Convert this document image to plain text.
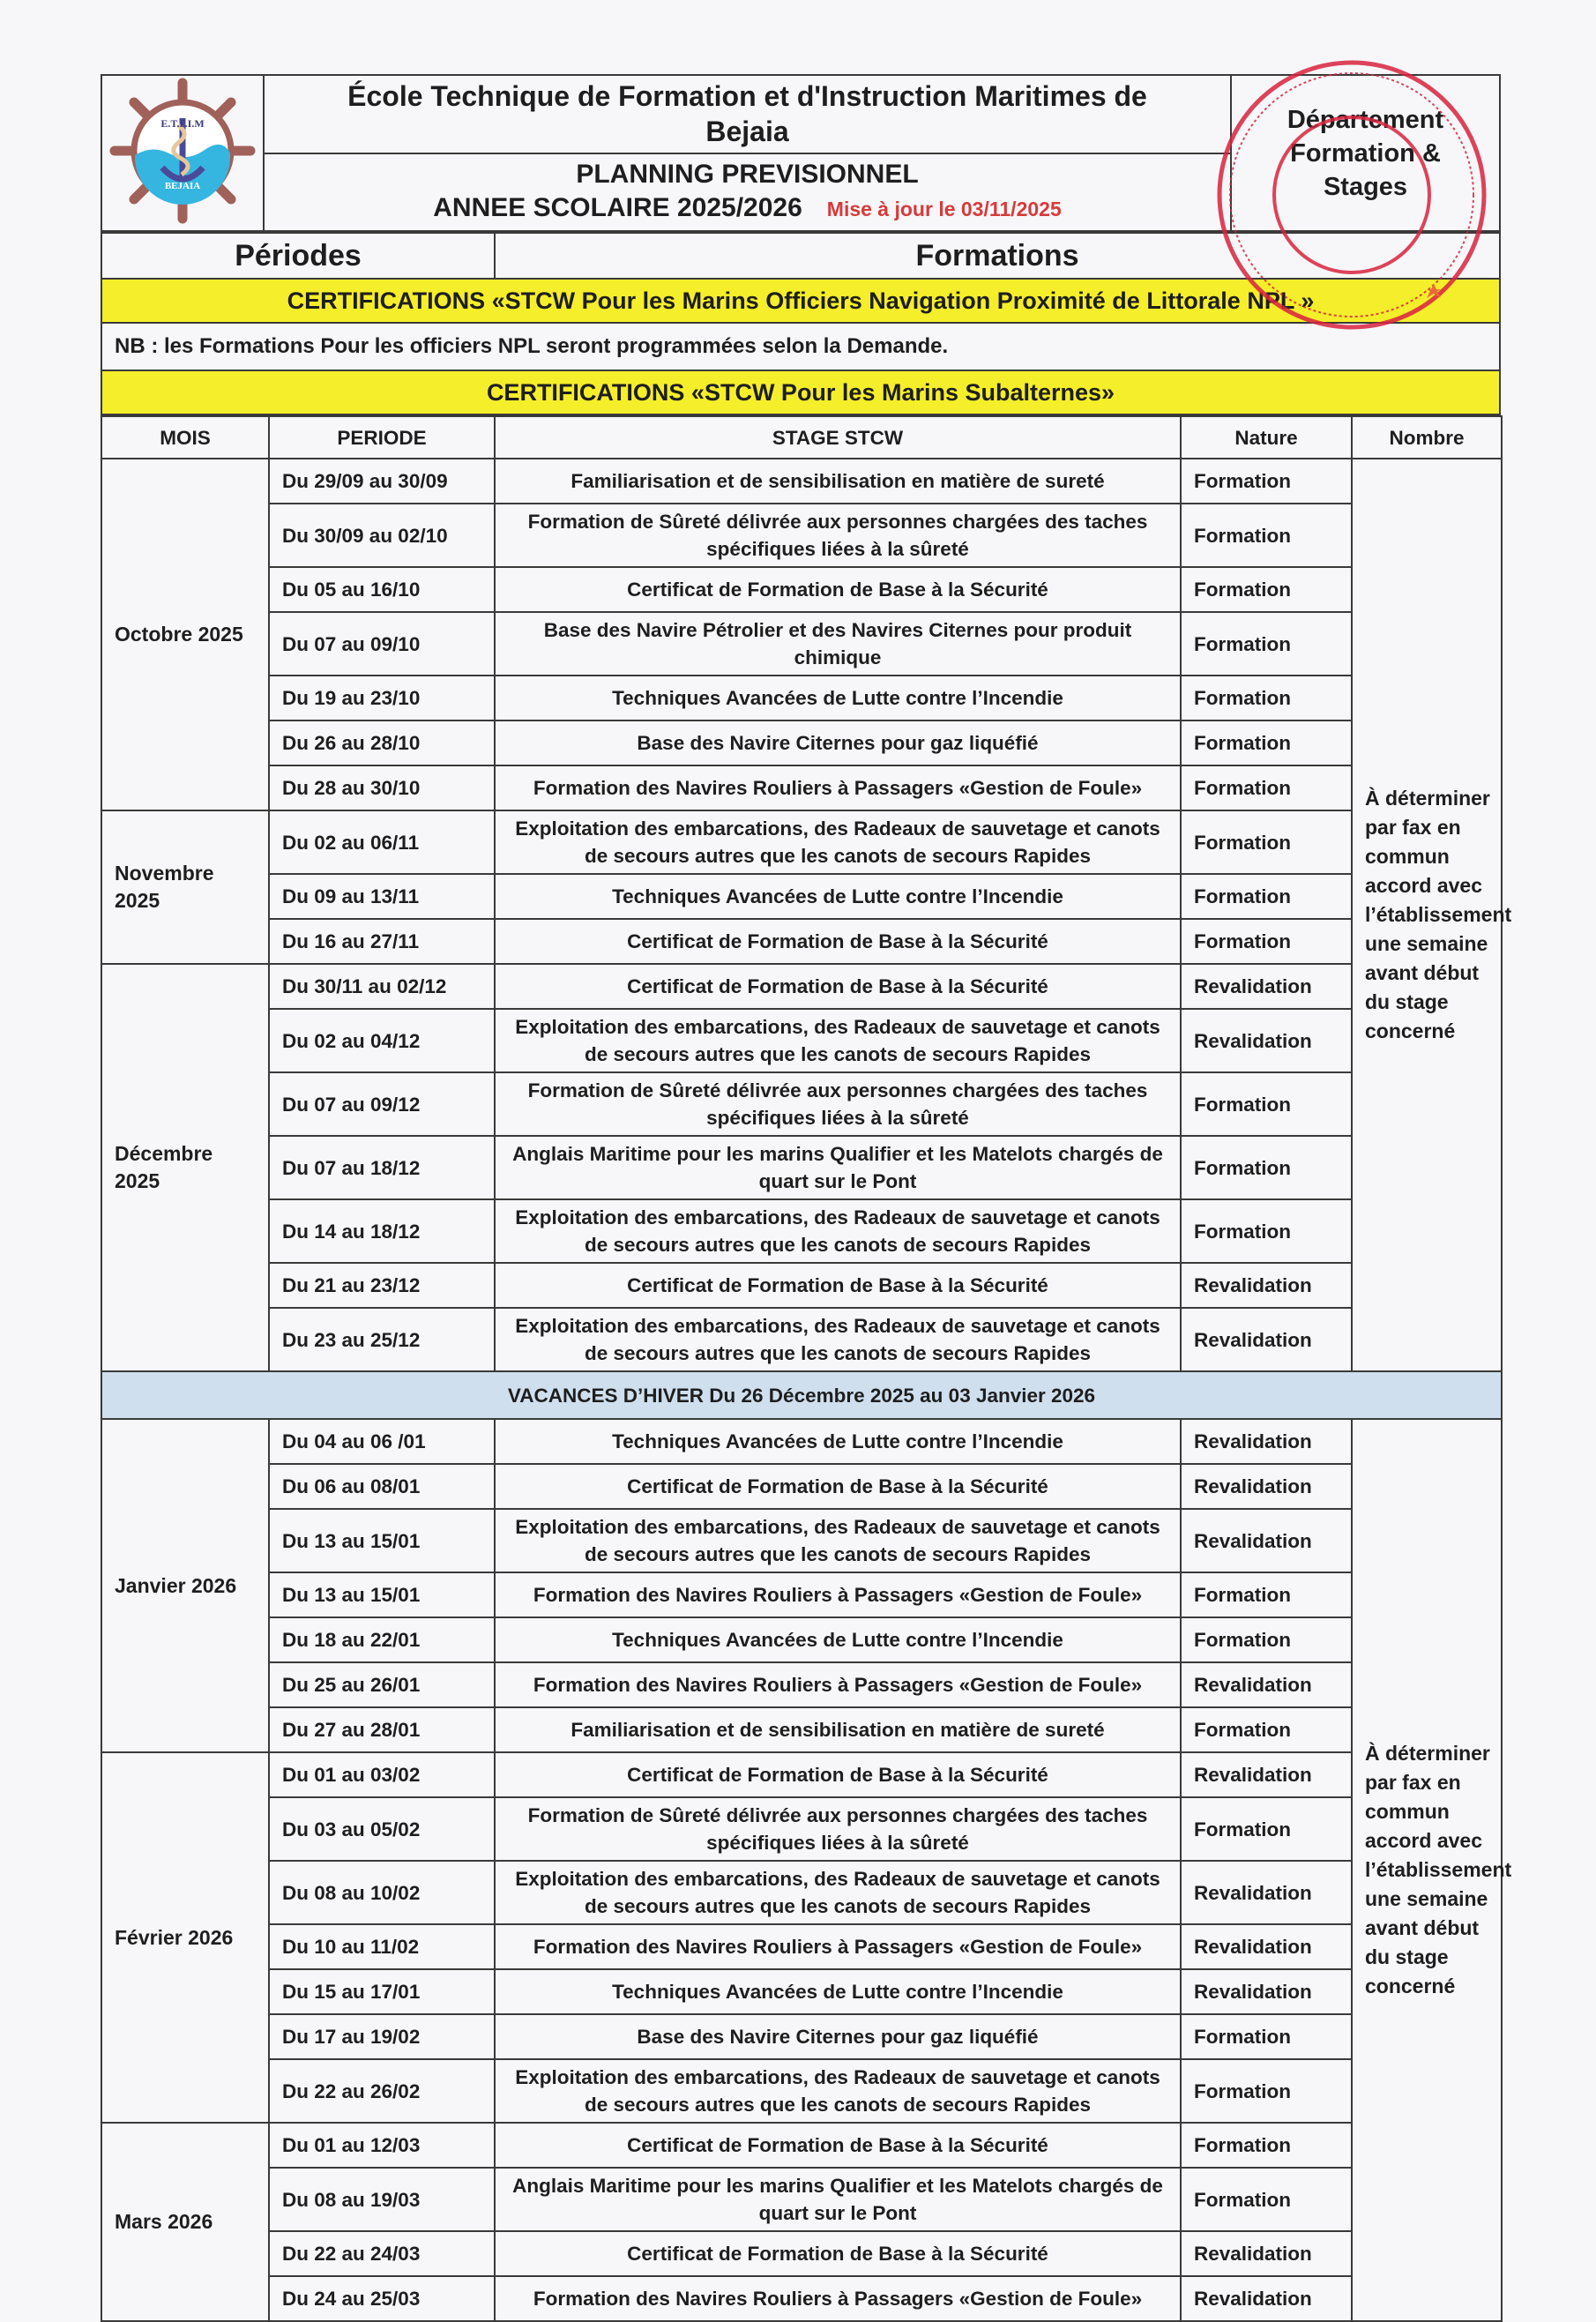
E.T.F.I.M
BEJAIA

École Technique de Formation et d'Instruction Maritimes de
Bejaia	Département Formation &
Stages

PLANNING PREVISIONNEL
ANNEE SCOLAIRE 2025/2026 Mise à jour le 03/11/2025
Périodes	Formations
CERTIFICATIONS «STCW Pour les Marins Officiers Navigation Proximité de Littorale NPL »
NB : les Formations Pour les officiers NPL seront programmées selon la Demande.
CERTIFICATIONS «STCW Pour les Marins Subalternes»
MOIS	PERIODE	STAGE STCW	Nature	Nombre
Octobre 2025	Du 29/09 au 30/09	Familiarisation et de sensibilisation en matière de sureté	Formation	À déterminer par fax en commun accord avec l’établissement une semaine avant début du stage concerné
	Du 30/09 au 02/10	Formation de Sûreté délivrée aux personnes chargées des taches spécifiques liées à la sûreté	Formation	
	Du 05 au 16/10	Certificat de Formation de Base à la Sécurité	Formation	
	Du 07 au 09/10	Base des Navire Pétrolier et des Navires Citernes pour produit chimique	Formation	
	Du 19 au 23/10	Techniques Avancées de Lutte contre l’Incendie	Formation	
	Du 26 au 28/10	Base des Navire Citernes pour gaz liquéfié	Formation	
	Du 28 au 30/10	Formation des Navires Rouliers à Passagers «Gestion de Foule»	Formation	
Novembre 2025	Du 02 au 06/11	Exploitation des embarcations, des Radeaux de sauvetage et canots de secours autres que les canots de secours Rapides	Formation	
	Du 09 au 13/11	Techniques Avancées de Lutte contre l’Incendie	Formation	
	Du 16 au 27/11	Certificat de Formation de Base à la Sécurité	Formation	
Décembre 2025	Du 30/11 au 02/12	Certificat de Formation de Base à la Sécurité	Revalidation	
	Du 02 au 04/12	Exploitation des embarcations, des Radeaux de sauvetage et canots de secours autres que les canots de secours Rapides	Revalidation	
	Du 07 au 09/12	Formation de Sûreté délivrée aux personnes chargées des taches spécifiques liées à la sûreté	Formation	
	Du 07 au 18/12	Anglais Maritime pour les marins Qualifier et les Matelots chargés de quart sur le Pont	Formation	
	Du 14 au 18/12	Exploitation des embarcations, des Radeaux de sauvetage et canots de secours autres que les canots de secours Rapides	Formation	
	Du 21 au 23/12	Certificat de Formation de Base à la Sécurité	Revalidation	
	Du 23 au 25/12	Exploitation des embarcations, des Radeaux de sauvetage et canots de secours autres que les canots de secours Rapides	Revalidation	
VACANCES D’HIVER Du 26 Décembre 2025 au 03 Janvier 2026				
Janvier 2026	Du 04 au 06 /01	Techniques Avancées de Lutte contre l’Incendie	Revalidation	À déterminer par fax en commun accord avec l’établissement une semaine avant début du stage concerné
	Du 06 au 08/01	Certificat de Formation de Base à la Sécurité	Revalidation	
	Du 13 au 15/01	Exploitation des embarcations, des Radeaux de sauvetage et canots de secours autres que les canots de secours Rapides	Revalidation	
	Du 13 au 15/01	Formation des Navires Rouliers à Passagers «Gestion de Foule»	Formation	
	Du 18 au 22/01	Techniques Avancées de Lutte contre l’Incendie	Formation	
	Du 25 au 26/01	Formation des Navires Rouliers à Passagers «Gestion de Foule»	Revalidation	
	Du 27 au 28/01	Familiarisation et de sensibilisation en matière de sureté	Formation	
Février 2026	Du 01 au 03/02	Certificat de Formation de Base à la Sécurité	Revalidation	
	Du 03 au 05/02	Formation de Sûreté délivrée aux personnes chargées des taches spécifiques liées à la sûreté	Formation	
	Du 08 au 10/02	Exploitation des embarcations, des Radeaux de sauvetage et canots de secours autres que les canots de secours Rapides	Revalidation	
	Du 10 au 11/02	Formation des Navires Rouliers à Passagers «Gestion de Foule»	Revalidation	
	Du 15 au 17/01	Techniques Avancées de Lutte contre l’Incendie	Revalidation	
	Du 17 au 19/02	Base des Navire Citernes pour gaz liquéfié	Formation	
	Du 22 au 26/02	Exploitation des embarcations, des Radeaux de sauvetage et canots de secours autres que les canots de secours Rapides	Formation	
Mars 2026	Du 01 au 12/03	Certificat de Formation de Base à la Sécurité	Formation	
	Du 08 au 19/03	Anglais Maritime pour les marins Qualifier et les Matelots chargés de quart sur le Pont	Formation	
	Du 22 au 24/03	Certificat de Formation de Base à la Sécurité	Revalidation	
	Du 24 au 25/03	Formation des Navires Rouliers à Passagers «Gestion de Foule»	Revalidation	
